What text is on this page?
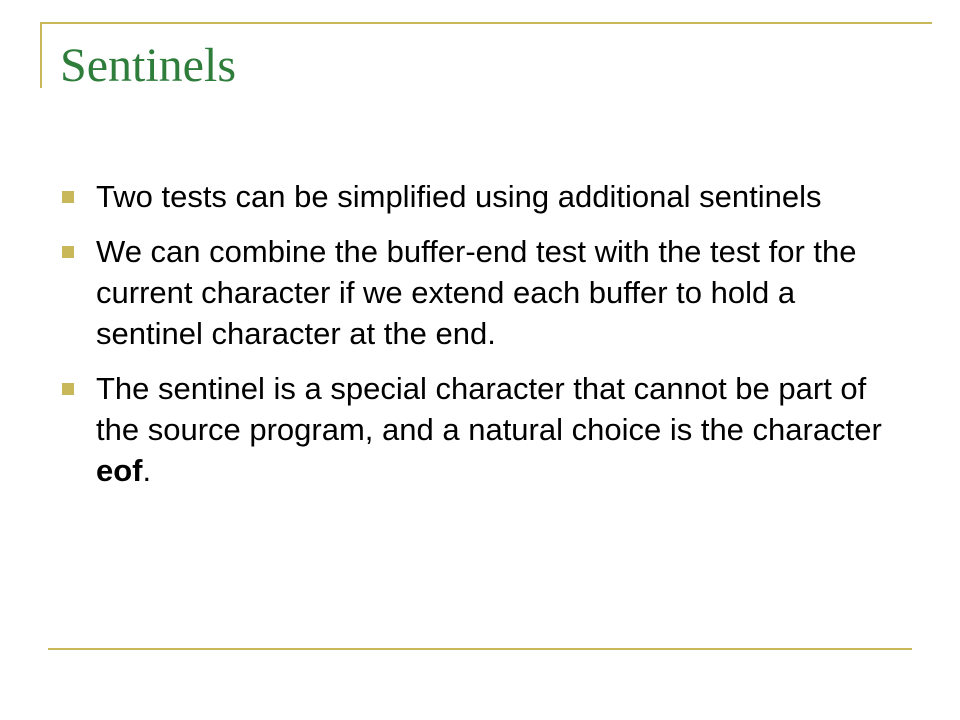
Sentinels
Two tests can be simplified using additional sentinels
We can combine the buffer-end test with the test for the current character if we extend each buffer to hold a sentinel character at the end.
The sentinel is a special character that cannot be part of the source program, and a natural choice is the character eof.
